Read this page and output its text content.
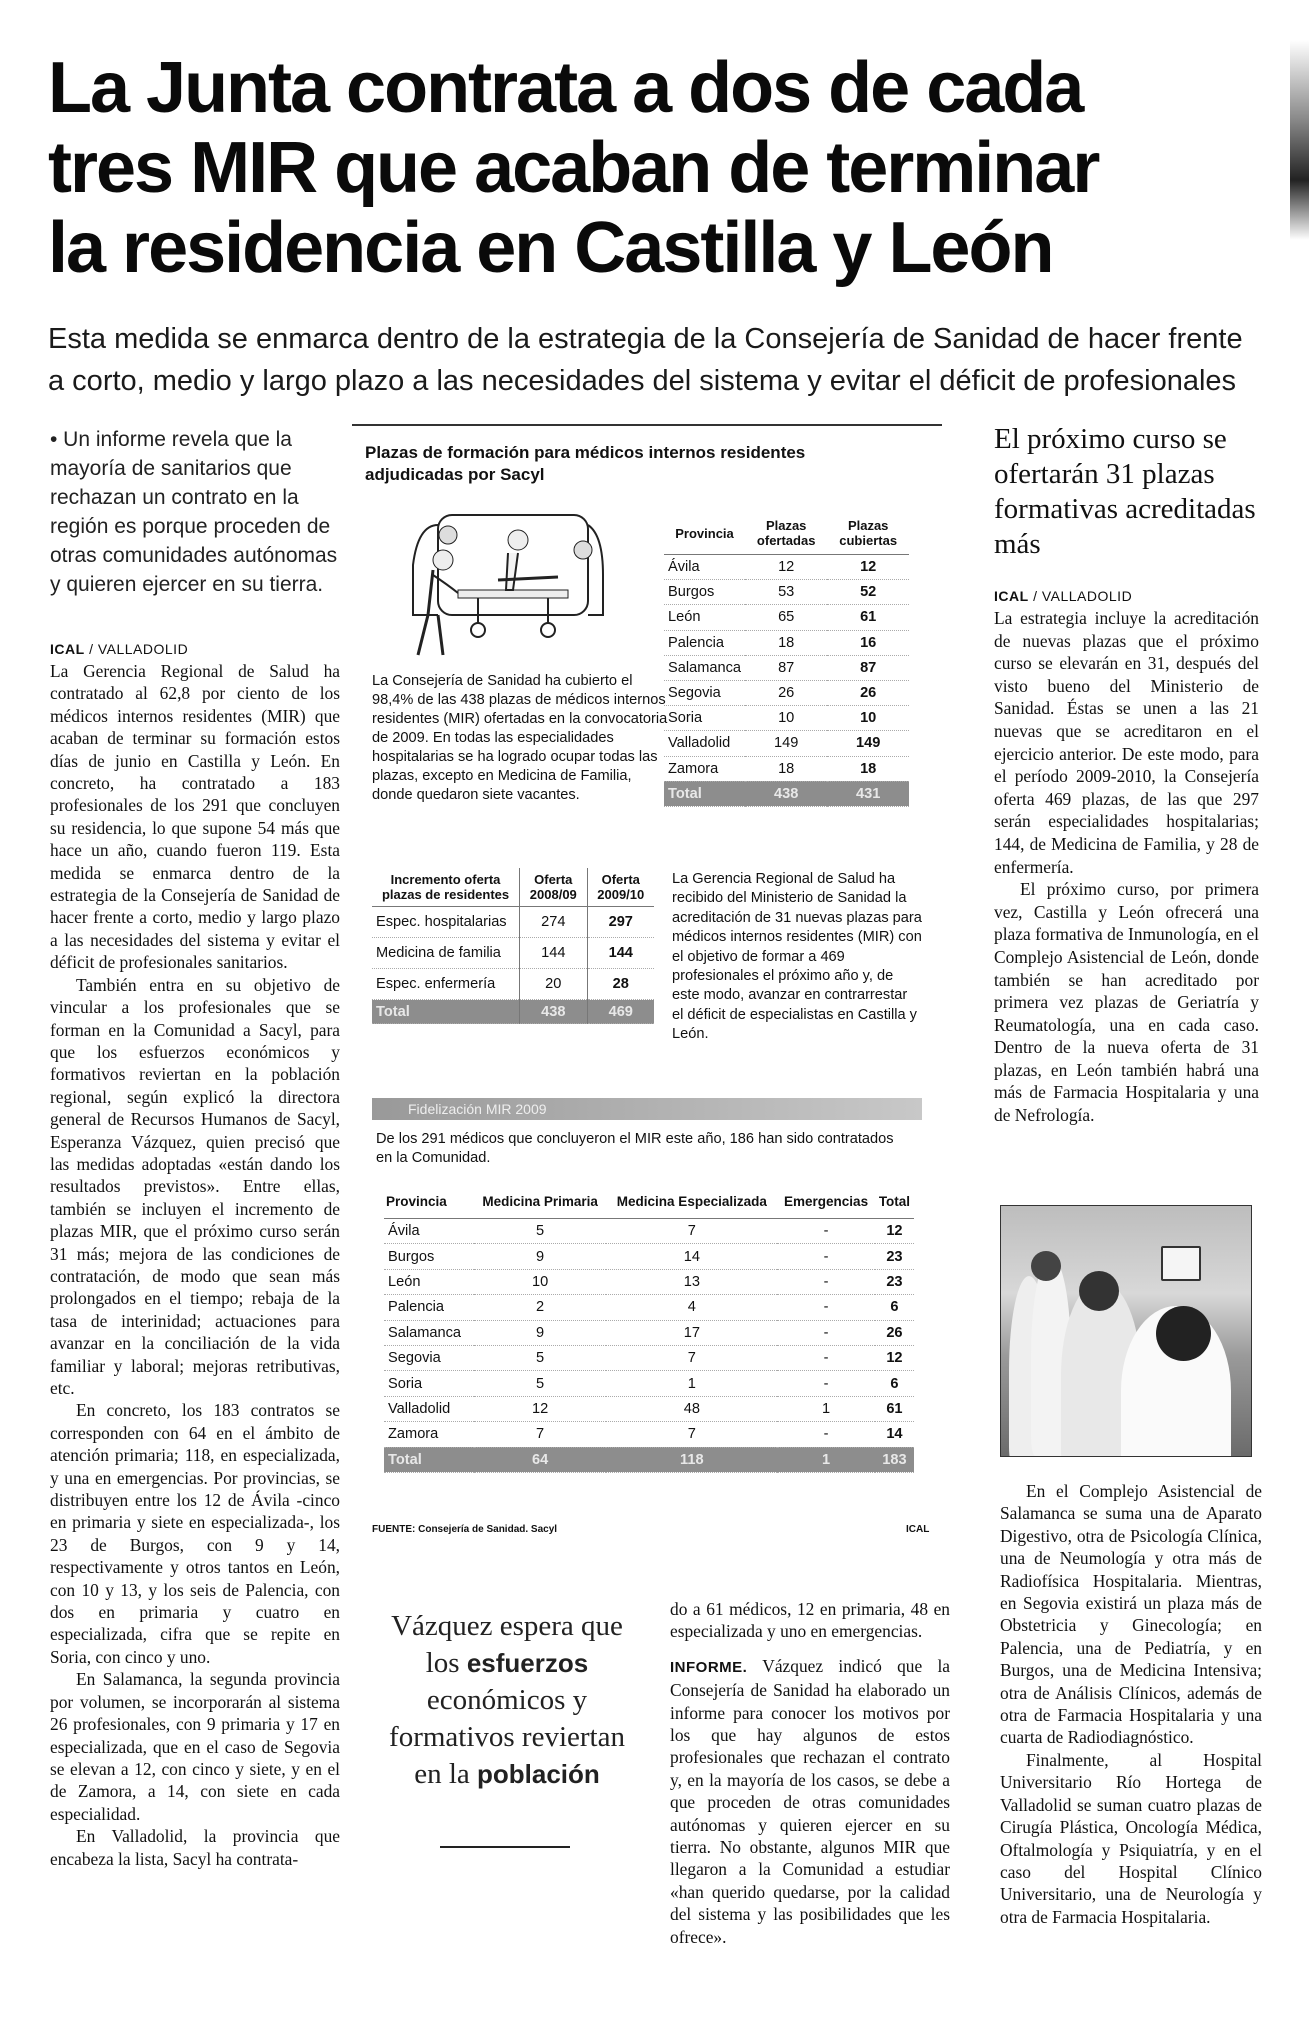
La Junta contrata a dos de cada
tres MIR que acaban de terminar
la residencia en Castilla y León
Esta medida se enmarca dentro de la estrategia de la Consejería de Sanidad de hacer frente
a corto, medio y largo plazo a las necesidades del sistema y evitar el déficit de profesionales
• Un informe revela que la mayoría de sanitarios que rechazan un contrato en la región es porque proceden de otras comunidades autónomas y quieren ejercer en su tierra.
ICAL / VALLADOLID

La Gerencia Regional de Salud ha contratado al 62,8 por ciento de los médicos internos residentes (MIR) que acaban de terminar su formación estos días de junio en Castilla y León. En concreto, ha contratado a 183 profesionales de los 291 que concluyen su residencia, lo que supone 54 más que hace un año, cuando fueron 119. Esta medida se enmarca dentro de la estrategia de la Consejería de Sanidad de hacer frente a corto, medio y largo plazo a las necesidades del sistema y evitar el déficit de profesionales sanitarios.

También entra en su objetivo de vincular a los profesionales que se forman en la Comunidad a Sacyl, para que los esfuerzos económicos y formativos reviertan en la población regional, según explicó la directora general de Recursos Humanos de Sacyl, Esperanza Vázquez, quien precisó que las medidas adoptadas «están dando los resultados previstos». Entre ellas, también se incluyen el incremento de plazas MIR, que el próximo curso serán 31 más; mejora de las condiciones de contratación, de modo que sean más prolongados en el tiempo; rebaja de la tasa de interinidad; actuaciones para avanzar en la conciliación de la vida familiar y laboral; mejoras retributivas, etc.

En concreto, los 183 contratos se corresponden con 64 en el ámbito de atención primaria; 118, en especializada, y una en emergencias. Por provincias, se distribuyen entre los 12 de Ávila -cinco en primaria y siete en especializada-, los 23 de Burgos, con 9 y 14, respectivamente y otros tantos en León, con 10 y 13, y los seis de Palencia, con dos en primaria y cuatro en especializada, cifra que se repite en Soria, con cinco y uno.

En Salamanca, la segunda provincia por volumen, se incorporarán al sistema 26 profesionales, con 9 primaria y 17 en especializada, que en el caso de Segovia se elevan a 12, con cinco y siete, y en el de Zamora, a 14, con siete en cada especialidad.

En Valladolid, la provincia que encabeza la lista, Sacyl ha contrata-

Plazas de formación para médicos internos residentes adjudicadas por Sacyl
La Consejería de Sanidad ha cubierto el 98,4% de las 438 plazas de médicos internos residentes (MIR) ofertadas en la convocatoria de 2009. En todas las especialidades hospitalarias se ha logrado ocupar todas las plazas, excepto en Medicina de Familia, donde quedaron siete vacantes.
Provincia	Plazas ofertadas	Plazas cubiertas
Ávila	12	12
Burgos	53	52
León	65	61
Palencia	18	16
Salamanca	87	87
Segovia	26	26
Soria	10	10
Valladolid	149	149
Zamora	18	18
Total	438	431
Incremento oferta plazas de residentes	Oferta 2008/09	Oferta 2009/10
Espec. hospitalarias	274	297
Medicina de familia	144	144
Espec. enfermería	20	28
Total	438	469
La Gerencia Regional de Salud ha recibido del Ministerio de Sanidad la acreditación de 31 nuevas plazas para médicos internos residentes (MIR) con el objetivo de formar a 469 profesionales el próximo año y, de este modo, avanzar en contrarrestar el déficit de especialistas en Castilla y León.
Fidelización MIR 2009
De los 291 médicos que concluyeron el MIR este año, 186 han sido contratados en la Comunidad.
Provincia	Medicina Primaria	Medicina Especializada	Emergencias	Total
Ávila	5	7	-	12
Burgos	9	14	-	23
León	10	13	-	23
Palencia	2	4	-	6
Salamanca	9	17	-	26
Segovia	5	7	-	12
Soria	5	1	-	6
Valladolid	12	48	1	61
Zamora	7	7	-	14
Total	64	118	1	183
FUENTE: Consejería de Sanidad. Sacyl	ICAL
Vázquez espera que los esfuerzos económicos y formativos reviertan en la población

do a 61 médicos, 12 en primaria, 48 en especializada y uno en emergencias.

INFORME. Vázquez indicó que la Consejería de Sanidad ha elaborado un informe para conocer los motivos por los que hay algunos de estos profesionales que rechazan el contrato y, en la mayoría de los casos, se debe a que proceden de otras comunidades autónomas y quieren ejercer en su tierra. No obstante, algunos MIR que llegaron a la Comunidad a estudiar «han querido quedarse, por la calidad del sistema y las posibilidades que les ofrece».

El próximo curso se ofertarán 31 plazas formativas acreditadas más
ICAL / VALLADOLID

La estrategia incluye la acreditación de nuevas plazas que el próximo curso se elevarán en 31, después del visto bueno del Ministerio de Sanidad. Éstas se unen a las 21 nuevas que se acreditaron en el ejercicio anterior. De este modo, para el período 2009-2010, la Consejería oferta 469 plazas, de las que 297 serán especialidades hospitalarias; 144, de Medicina de Familia, y 28 de enfermería.

El próximo curso, por primera vez, Castilla y León ofrecerá una plaza formativa de Inmunología, en el Complejo Asistencial de León, donde también se han acreditado por primera vez plazas de Geriatría y Reumatología, una en cada caso. Dentro de la nueva oferta de 31 plazas, en León también habrá una más de Farmacia Hospitalaria y una de Nefrología.

En el Complejo Asistencial de Salamanca se suma una de Aparato Digestivo, otra de Psicología Clínica, una de Neumología y otra más de Radiofísica Hospitalaria. Mientras, en Segovia existirá un plaza más de Obstetricia y Ginecología; en Palencia, una de Pediatría, y en Burgos, una de Medicina Intensiva; otra de Análisis Clínicos, además de otra de Farmacia Hospitalaria y una cuarta de Radiodiagnóstico.

Finalmente, al Hospital Universitario Río Hortega de Valladolid se suman cuatro plazas de Cirugía Plástica, Oncología Médica, Oftalmología y Psiquiatría, y en el caso del Hospital Clínico Universitario, una de Neurología y otra de Farmacia Hospitalaria.
